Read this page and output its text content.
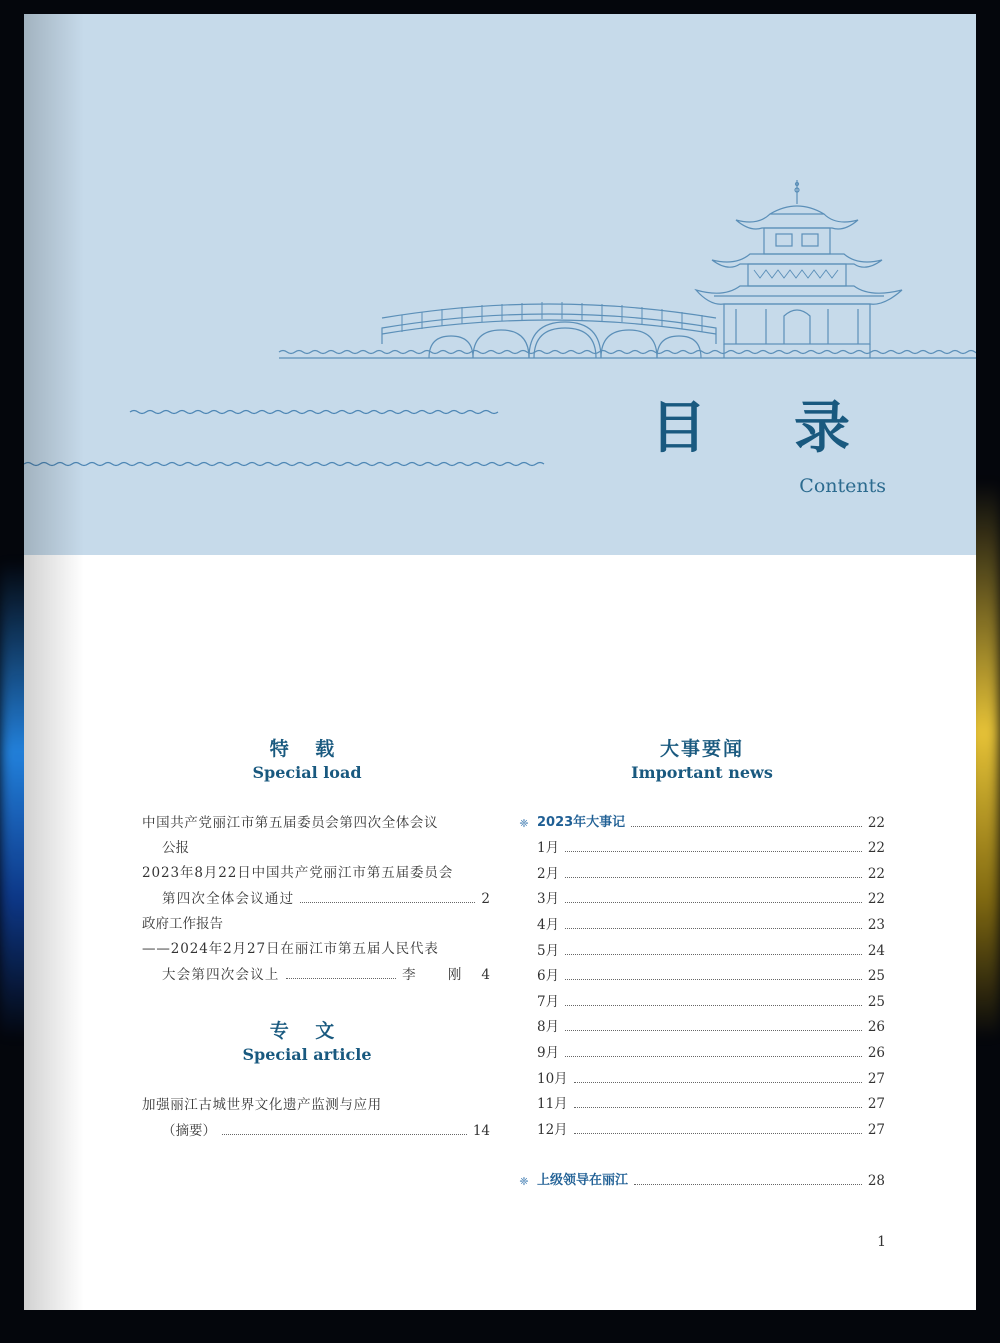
目 录
Contents
特 载
Special load
中国共产党丽江市第五届委员会第四次全体会议
公报
2023年8月22日中国共产党丽江市第五届委员会
第四次全体会议通过	2
政府工作报告
——2024年2月27日在丽江市第五届人民代表
大会第四次会议上	李 刚 4
专 文
Special article
加强丽江古城世界文化遗产监测与应用
（摘要）	14
大事要闻
Important news
❈ 2023年大事记	22
1月	22
2月	22
3月	22
4月	23
5月	24
6月	25
7月	25
8月	26
9月	26
10月	27
11月	27
12月	27
❈ 上级领导在丽江	28
1
